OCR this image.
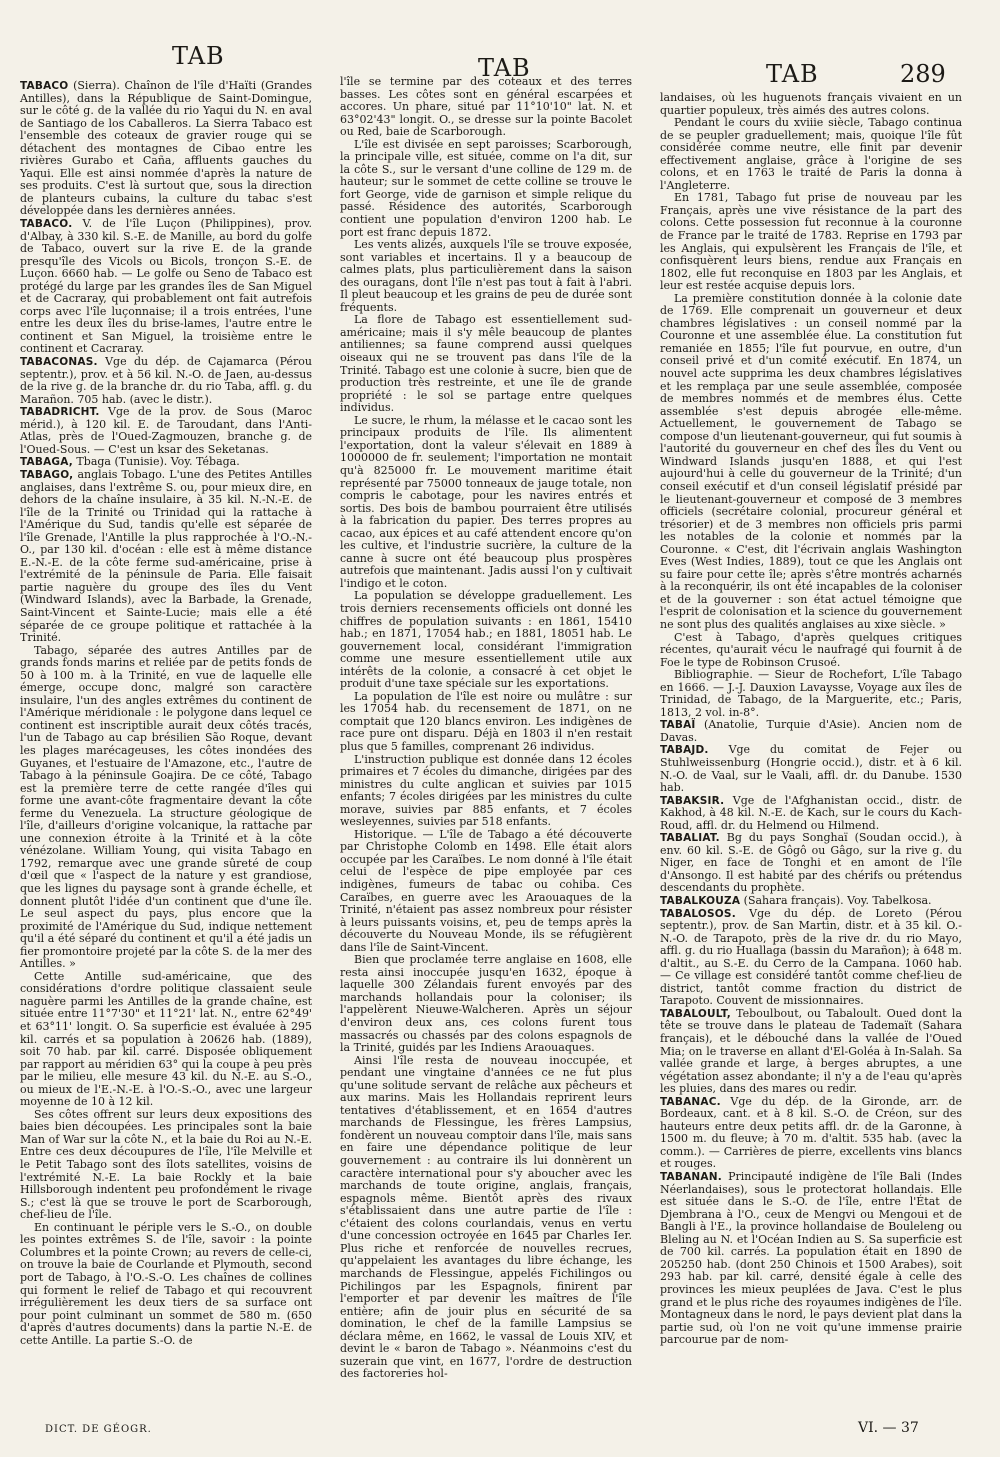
TAB	TAB	TAB	289

TABACO (Sierra). Chaînon de l'île d'Haïti (Grandes Antilles), dans la République de Saint-Domingue, sur le côté g. de la vallée du rio Yaqui du N. en aval de Santiago de los Caballeros. La Sierra Tabaco est l'ensemble des coteaux de gravier rouge qui se détachent des montagnes de Cibao entre les rivières Gurabo et Caña, affluents gauches du Yaqui. Elle est ainsi nommée d'après la nature de ses produits. C'est là surtout que, sous la direction de planteurs cubains, la culture du tabac s'est développée dans les dernières années.

TABACO. V. de l'île Luçon (Philippines), prov. d'Albay, à 330 kil. S.-E. de Manille, au bord du golfe de Tabaco, ouvert sur la rive E. de la grande presqu'île des Vicols ou Bicols, tronçon S.-E. de Luçon. 6660 hab. — Le golfe ou Seno de Tabaco est protégé du large par les grandes îles de San Miguel et de Cacraray, qui probablement ont fait autrefois corps avec l'île luçonnaise; il a trois entrées, l'une entre les deux îles du brise-lames, l'autre entre le continent et San Miguel, la troisième entre le continent et Cacraray.

TABACONAS. Vge du dép. de Cajamarca (Pérou septentr.), prov. et à 56 kil. N.-O. de Jaen, au-dessus de la rive g. de la branche dr. du rio Taba, affl. g. du Marañon. 705 hab. (avec le distr.).

TABADRICHT. Vge de la prov. de Sous (Maroc mérid.), à 120 kil. E. de Taroudant, dans l'Anti-Atlas, près de l'Oued-Zagmouzen, branche g. de l'Oued-Sous. — C'est un ksar des Seketanas.

TABAGA, Tbaga (Tunisie). Voy. Tébaga.

TABAGO, anglais Tobago. L'une des Petites Antilles anglaises, dans l'extrême S. ou, pour mieux dire, en dehors de la chaîne insulaire, à 35 kil. N.-N.-E. de l'île de la Trinité ou Trinidad qui la rattache à l'Amérique du Sud, tandis qu'elle est séparée de l'île Grenade, l'Antille la plus rapprochée à l'O.-N.-O., par 130 kil. d'océan : elle est à même distance E.-N.-E. de la côte ferme sud-américaine, prise à l'extrémité de la péninsule de Paria. Elle faisait partie naguère du groupe des îles du Vent (Windward Islands), avec la Barbade, la Grenade, Saint-Vincent et Sainte-Lucie; mais elle a été séparée de ce groupe politique et rattachée à la Trinité.

Tabago, séparée des autres Antilles par de grands fonds marins et reliée par de petits fonds de 50 à 100 m. à la Trinité, en vue de laquelle elle émerge, occupe donc, malgré son caractère insulaire, l'un des angles extrêmes du continent de l'Amérique méridionale : le polygone dans lequel ce continent est inscriptible aurait deux côtés tracés, l'un de Tabago au cap brésilien São Roque, devant les plages marécageuses, les côtes inondées des Guyanes, et l'estuaire de l'Amazone, etc., l'autre de Tabago à la péninsule Goajira. De ce côté, Tabago est la première terre de cette rangée d'îles qui forme une avant-côte fragmentaire devant la côte ferme du Venezuela. La structure géologique de l'île, d'ailleurs d'origine volcanique, la rattache par une connexion étroite à la Trinité et à la côte vénézolane. William Young, qui visita Tabago en 1792, remarque avec une grande sûreté de coup d'œil que « l'aspect de la nature y est grandiose, que les lignes du paysage sont à grande échelle, et donnent plutôt l'idée d'un continent que d'une île. Le seul aspect du pays, plus encore que la proximité de l'Amérique du Sud, indique nettement qu'il a été séparé du continent et qu'il a été jadis un fier promontoire projeté par la côte S. de la mer des Antilles. »

Cette Antille sud-américaine, que des considérations d'ordre politique classaient seule naguère parmi les Antilles de la grande chaîne, est située entre 11°7'30" et 11°21' lat. N., entre 62°49' et 63°11' longit. O. Sa superficie est évaluée à 295 kil. carrés et sa population à 20626 hab. (1889), soit 70 hab. par kil. carré. Disposée obliquement par rapport au méridien 63° qui la coupe à peu près par le milieu, elle mesure 43 kil. du N.-E. au S.-O., ou mieux de l'E.-N.-E. à l'O.-S.-O., avec une largeur moyenne de 10 à 12 kil.

Ses côtes offrent sur leurs deux expositions des baies bien découpées. Les principales sont la baie Man of War sur la côte N., et la baie du Roi au N.-E. Entre ces deux découpures de l'île, l'île Melville et le Petit Tabago sont des îlots satellites, voisins de l'extrémité N.-E. La baie Rockly et la baie Hillsborough indentent peu profondément le rivage S.; c'est là que se trouve le port de Scarborough, chef-lieu de l'île.

En continuant le périple vers le S.-O., on double les pointes extrêmes S. de l'île, savoir : la pointe Columbres et la pointe Crown; au revers de celle-ci, on trouve la baie de Courlande et Plymouth, second port de Tabago, à l'O.-S.-O. Les chaînes de collines qui forment le relief de Tabago et qui recouvrent irrégulièrement les deux tiers de sa surface ont pour point culminant un sommet de 580 m. (650 d'après d'autres documents) dans la partie N.-E. de cette Antille. La partie S.-O. de

l'île se termine par des coteaux et des terres basses. Les côtes sont en général escarpées et accores. Un phare, situé par 11°10'10" lat. N. et 63°02'43" longit. O., se dresse sur la pointe Bacolet ou Red, baie de Scarborough.

L'île est divisée en sept paroisses; Scarborough, la principale ville, est située, comme on l'a dit, sur la côte S., sur le versant d'une colline de 129 m. de hauteur; sur le sommet de cette colline se trouve le fort George, vide de garnison et simple relique du passé. Résidence des autorités, Scarborough contient une population d'environ 1200 hab. Le port est franc depuis 1872.

Les vents alizés, auxquels l'île se trouve exposée, sont variables et incertains. Il y a beaucoup de calmes plats, plus particulièrement dans la saison des ouragans, dont l'île n'est pas tout à fait à l'abri. Il pleut beaucoup et les grains de peu de durée sont fréquents.

La flore de Tabago est essentiellement sud-américaine; mais il s'y mêle beaucoup de plantes antiliennes; sa faune comprend aussi quelques oiseaux qui ne se trouvent pas dans l'île de la Trinité. Tabago est une colonie à sucre, bien que de production très restreinte, et une île de grande propriété : le sol se partage entre quelques individus.

Le sucre, le rhum, la mélasse et le cacao sont les principaux produits de l'île. Ils alimentent l'exportation, dont la valeur s'élevait en 1889 à 1000000 de fr. seulement; l'importation ne montait qu'à 825000 fr. Le mouvement maritime était représenté par 75000 tonneaux de jauge totale, non compris le cabotage, pour les navires entrés et sortis. Des bois de bambou pourraient être utilisés à la fabrication du papier. Des terres propres au cacao, aux épices et au café attendent encore qu'on les cultive, et l'industrie sucrière, la culture de la canne à sucre ont été beaucoup plus prospères autrefois que maintenant. Jadis aussi l'on y cultivait l'indigo et le coton.

La population se développe graduellement. Les trois derniers recensements officiels ont donné les chiffres de population suivants : en 1861, 15410 hab.; en 1871, 17054 hab.; en 1881, 18051 hab. Le gouvernement local, considérant l'immigration comme une mesure essentiellement utile aux intérêts de la colonie, a consacré à cet objet le produit d'une taxe spéciale sur les exportations.

La population de l'île est noire ou mulâtre : sur les 17054 hab. du recensement de 1871, on ne comptait que 120 blancs environ. Les indigènes de race pure ont disparu. Déjà en 1803 il n'en restait plus que 5 familles, comprenant 26 individus.

L'instruction publique est donnée dans 12 écoles primaires et 7 écoles du dimanche, dirigées par des ministres du culte anglican et suivies par 1015 enfants; 7 écoles dirigées par les ministres du culte morave, suivies par 885 enfants, et 7 écoles wesleyennes, suivies par 518 enfants.

Historique. — L'île de Tabago a été découverte par Christophe Colomb en 1498. Elle était alors occupée par les Caraïbes. Le nom donné à l'île était celui de l'espèce de pipe employée par ces indigènes, fumeurs de tabac ou cohiba. Ces Caraïbes, en guerre avec les Araouaques de la Trinité, n'étaient pas assez nombreux pour résister à leurs puissants voisins, et, peu de temps après la découverte du Nouveau Monde, ils se réfugièrent dans l'île de Saint-Vincent.

Bien que proclamée terre anglaise en 1608, elle resta ainsi inoccupée jusqu'en 1632, époque à laquelle 300 Zélandais furent envoyés par des marchands hollandais pour la coloniser; ils l'appelèrent Nieuwe-Walcheren. Après un séjour d'environ deux ans, ces colons furent tous massacrés ou chassés par des colons espagnols de la Trinité, guidés par les Indiens Araouaques.

Ainsi l'île resta de nouveau inoccupée, et pendant une vingtaine d'années ce ne fut plus qu'une solitude servant de relâche aux pêcheurs et aux marins. Mais les Hollandais reprirent leurs tentatives d'établissement, et en 1654 d'autres marchands de Flessingue, les frères Lampsius, fondèrent un nouveau comptoir dans l'île, mais sans en faire une dépendance politique de leur gouvernement : au contraire ils lui donnèrent un caractère international pour s'y aboucher avec les marchands de toute origine, anglais, français, espagnols même. Bientôt après des rivaux s'établissaient dans une autre partie de l'île : c'étaient des colons courlandais, venus en vertu d'une concession octroyée en 1645 par Charles Ier. Plus riche et renforcée de nouvelles recrues, qu'appelaient les avantages du libre échange, les marchands de Flessingue, appelés Fichilingos ou Pichilingos par les Espagnols, finirent par l'emporter et par devenir les maîtres de l'île entière; afin de jouir plus en sécurité de sa domination, le chef de la famille Lampsius se déclara même, en 1662, le vassal de Louis XIV, et devint le « baron de Tabago ». Néanmoins c'est du suzerain que vint, en 1677, l'ordre de destruction des factoreries hol-

landaises, où les huguenots français vivaient en un quartier populeux, très aimés des autres colons.

Pendant le cours du xviiie siècle, Tabago continua de se peupler graduellement; mais, quoique l'île fût considérée comme neutre, elle finit par devenir effectivement anglaise, grâce à l'origine de ses colons, et en 1763 le traité de Paris la donna à l'Angleterre.

En 1781, Tabago fut prise de nouveau par les Français, après une vive résistance de la part des colons. Cette possession fut reconnue à la couronne de France par le traité de 1783. Reprise en 1793 par les Anglais, qui expulsèrent les Français de l'île, et confisquèrent leurs biens, rendue aux Français en 1802, elle fut reconquise en 1803 par les Anglais, et leur est restée acquise depuis lors.

La première constitution donnée à la colonie date de 1769. Elle comprenait un gouverneur et deux chambres législatives : un conseil nommé par la Couronne et une assemblée élue. La constitution fut remaniée en 1855; l'île fut pourvue, en outre, d'un conseil privé et d'un comité exécutif. En 1874, un nouvel acte supprima les deux chambres législatives et les remplaça par une seule assemblée, composée de membres nommés et de membres élus. Cette assemblée s'est depuis abrogée elle-même. Actuellement, le gouvernement de Tabago se compose d'un lieutenant-gouverneur, qui fut soumis à l'autorité du gouverneur en chef des îles du Vent ou Windward Islands jusqu'en 1888, et qui l'est aujourd'hui à celle du gouverneur de la Trinité; d'un conseil exécutif et d'un conseil législatif présidé par le lieutenant-gouverneur et composé de 3 membres officiels (secrétaire colonial, procureur général et trésorier) et de 3 membres non officiels pris parmi les notables de la colonie et nommés par la Couronne. « C'est, dit l'écrivain anglais Washington Eves (West Indies, 1889), tout ce que les Anglais ont su faire pour cette île; après s'être montrés acharnés à la reconquérir, ils ont été incapables de la coloniser et de la gouverner : son état actuel témoigne que l'esprit de colonisation et la science du gouvernement ne sont plus des qualités anglaises au xixe siècle. »

C'est à Tabago, d'après quelques critiques récentes, qu'aurait vécu le naufragé qui fournit à de Foe le type de Robinson Crusoé.

Bibliographie. — Sieur de Rochefort, L'île Tabago en 1666. — J.-J. Dauxion Lavaysse, Voyage aux îles de Trinidad, de Tabago, de la Marguerite, etc.; Paris, 1813, 2 vol. in-8°.

TABAÏ (Anatolie, Turquie d'Asie). Ancien nom de Davas.

TABAJD. Vge du comitat de Fejer ou Stuhlweissenburg (Hongrie occid.), distr. et à 6 kil. N.-O. de Vaal, sur le Vaali, affl. dr. du Danube. 1530 hab.

TABAKSIR. Vge de l'Afghanistan occid., distr. de Kakhod, à 48 kil. N.-E. de Kach, sur le cours du Kach-Roud, affl. dr. du Helmend ou Hilmend.

TABALIAT. Bg du pays Songhaï (Soudan occid.), à env. 60 kil. S.-E. de Gôgô ou Gâgo, sur la rive g. du Niger, en face de Tonghi et en amont de l'île d'Ansongo. Il est habité par des chérifs ou prétendus descendants du prophète.

TABALKOUZA (Sahara français). Voy. Tabelkosa.

TABALOSOS. Vge du dép. de Loreto (Pérou septentr.), prov. de San Martin, distr. et à 35 kil. O.-N.-O. de Tarapoto, près de la rive dr. du rio Mayo, affl. g. du rio Huallaga (bassin du Marañon); à 648 m. d'altit., au S.-E. du Cerro de la Campana. 1060 hab. — Ce village est considéré tantôt comme chef-lieu de district, tantôt comme fraction du district de Tarapoto. Couvent de missionnaires.

TABALOULT, Teboulbout, ou Tabaloult. Oued dont la tête se trouve dans le plateau de Tademaït (Sahara français), et le débouché dans la vallée de l'Oued Mia; on le traverse en allant d'El-Goléa à In-Salah. Sa vallée grande et large, à berges abruptes, a une végétation assez abondante; il n'y a de l'eau qu'après les pluies, dans des mares ou redir.

TABANAC. Vge du dép. de la Gironde, arr. de Bordeaux, cant. et à 8 kil. S.-O. de Créon, sur des hauteurs entre deux petits affl. dr. de la Garonne, à 1500 m. du fleuve; à 70 m. d'altit. 535 hab. (avec la comm.). — Carrières de pierre, excellents vins blancs et rouges.

TABANAN. Principauté indigène de l'île Bali (Indes Néerlandaises), sous le protectorat hollandais. Elle est située dans le S.-O. de l'île, entre l'État de Djembrana à l'O., ceux de Mengvi ou Mengoui et de Bangli à l'E., la province hollandaise de Bouleleng ou Bleling au N. et l'Océan Indien au S. Sa superficie est de 700 kil. carrés. La population était en 1890 de 205250 hab. (dont 250 Chinois et 1500 Arabes), soit 293 hab. par kil. carré, densité égale à celle des provinces les mieux peuplées de Java. C'est le plus grand et le plus riche des royaumes indigènes de l'île. Montagneux dans le nord, le pays devient plat dans la partie sud, où l'on ne voit qu'une immense prairie parcourue par de nom-

DICT. DE GÉOGR.	VI. — 37
